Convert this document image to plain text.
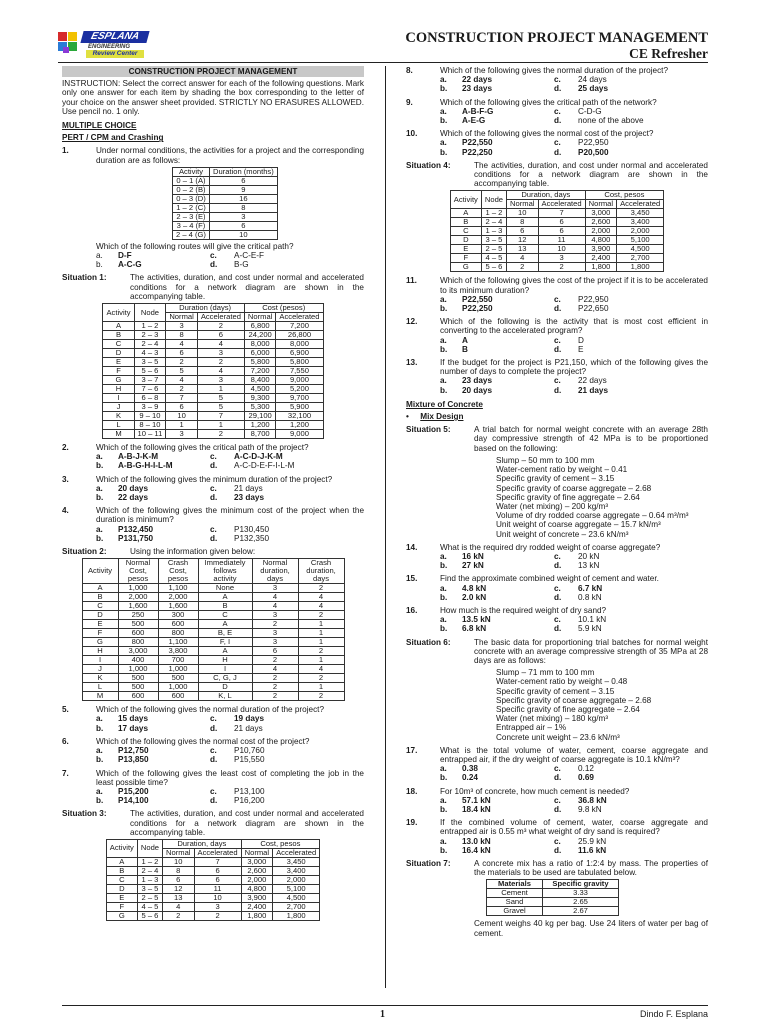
ESPLANA
ENGINEERING
Review Center
CONSTRUCTION PROJECT MANAGEMENT
CE Refresher
CONSTRUCTION PROJECT MANAGEMENT
INSTRUCTION: Select the correct answer for each of the following questions. Mark only one answer for each item by shading the box corresponding to the letter of your choice on the answer sheet provided. STRICTLY NO ERASURES ALLOWED. Use pencil no. 1 only.
MULTIPLE CHOICE
PERT / CPM and Crashing
1.	Under normal conditions, the activities for a project and the corresponding duration are as follows:
Activity	Duration (months)
0 – 1 (A)	6
0 – 2 (B)	9
0 – 3 (D)	16
1 – 2 (C)	8
2 – 3 (E)	3
3 – 4 (F)	6
2 – 4 (G)	10
Which of the following routes will give the critical path?
a.	D-F	c.	A-C-E-F
b.	A-C-G	d.	B-G
Situation 1:	The activities, duration, and cost under normal and accelerated conditions for a network diagram are shown in the accompanying table.
Activity	Node	Duration (days)		Cost (pesos)	
		Normal	Accelerated	Normal	Accelerated
A	1 – 2	3	2	6,800	7,200
B	2 – 3	8	6	24,200	26,800
C	2 – 4	4	4	8,000	8,000
D	4 – 3	6	3	6,000	6,900
E	3 – 5	2	2	5,800	5,800
F	5 – 6	5	4	7,200	7,550
G	3 – 7	4	3	8,400	9,000
H	7 – 6	2	1	4,500	5,200
I	6 – 8	7	5	9,300	9,700
J	3 – 9	6	5	5,300	5,900
K	9 – 10	10	7	29,100	32,100
L	8 – 10	1	1	1,200	1,200
M	10 – 11	3	2	8,700	9,000
2.	Which of the following gives the critical path of the project?
a.	A-B-J-K-M	c.	A-C-D-J-K-M
b.	A-B-G-H-I-L-M	d.	A-C-D-E-F-I-L-M
3.	Which of the following gives the minimum duration of the project?
a.	20 days	c.	21 days
b.	22 days	d.	23 days
4.	Which of the following gives the minimum cost of the project when the duration is minimum?
a.	P132,450	c.	P130,450
b.	P131,750	d.	P132,350
Situation 2:	Using the information given below:
Activity	Normal Cost, pesos	Crash Cost, pesos	Immediately follows activity	Normal duration, days	Crash duration, days
A	1,000	1,100	None	3	2
B	2,000	2,000	A	4	4
C	1,600	1,600	B	4	4
D	250	300	C	3	2
E	500	600	A	2	1
F	600	800	B, E	3	1
G	800	1,100	F, I	3	1
H	3,000	3,800	A	6	2
I	400	700	H	2	1
J	1,000	1,000	I	4	4
K	500	500	C, G, J	2	2
L	500	1,000	D	2	1
M	600	600	K, L	2	2
5.	Which of the following gives the normal duration of the project?
a.	15 days	c.	19 days
b.	17 days	d.	21 days
6.	Which of the following gives the normal cost of the project?
a.	P12,750	c.	P10,760
b.	P13,850	d.	P15,550
7.	Which of the following gives the least cost of completing the job in the least possible time?
a.	P15,200	c.	P13,100
b.	P14,100	d.	P16,200
Situation 3:	The activities, duration, and cost under normal and accelerated conditions for a network diagram are shown in the accompanying table.
Activity	Node	Duration, days		Cost, pesos	
		Normal	Accelerated	Normal	Accelerated
A	1 – 2	10	7	3,000	3,450
B	2 – 4	8	6	2,600	3,400
C	1 – 3	6	6	2,000	2,000
D	3 – 5	12	11	4,800	5,100
E	2 – 5	13	10	3,900	4,500
F	4 – 5	4	3	2,400	2,700
G	5 – 6	2	2	1,800	1,800
8.	Which of the following gives the normal duration of the project?
a.	22 days	c.	24 days
b.	23 days	d.	25 days
9.	Which of the following gives the critical path of the network?
a.	A-B-F-G	c.	C-D-G
b.	A-E-G	d.	none of the above
10.	Which of the following gives the normal cost of the project?
a.	P22,550	c.	P22,950
b.	P22,250	d.	P20,500
Situation 4:	The activities, duration, and cost under normal and accelerated conditions for a network diagram are shown in the accompanying table.
Activity	Node	Duration, days		Cost, pesos	
		Normal	Accelerated	Normal	Accelerated
A	1 – 2	10	7	3,000	3,450
B	2 – 4	8	6	2,600	3,400
C	1 – 3	6	6	2,000	2,000
D	3 – 5	12	11	4,800	5,100
E	2 – 5	13	10	3,900	4,500
F	4 – 5	4	3	2,400	2,700
G	5 – 6	2	2	1,800	1,800
11.	Which of the following gives the cost of the project if it is to be accelerated to its minimum duration?
a.	P22,550	c.	P22,950
b.	P22,250	d.	P22,650
12.	Which of the following is the activity that is most cost efficient in converting to the accelerated program?
a.	A	c.	D
b.	B	d.	E
13.	If the budget for the project is P21,150, which of the following gives the number of days to complete the project?
a.	23 days	c.	22 days
b.	20 days	d.	21 days
Mixture of Concrete
• Mix Design
Situation 5:	A trial batch for normal weight concrete with an average 28th day compressive strength of 42 MPa is to be proportioned based on the following:
Slump – 50 mm to 100 mm
Water-cement ratio by weight – 0.41
Specific gravity of cement – 3.15
Specific gravity of coarse aggregate – 2.68
Specific gravity of fine aggregate – 2.64
Water (net mixing) – 200 kg/m³
Volume of dry rodded coarse aggregate – 0.64 m³/m³
Unit weight of coarse aggregate – 15.7 kN/m³
Unit weight of concrete – 23.6 kN/m³
14.	What is the required dry rodded weight of coarse aggregate?
a.	16 kN	c.	20 kN
b.	27 kN	d.	13 kN
15.	Find the approximate combined weight of cement and water.
a.	4.8 kN	c.	6.7 kN
b.	2.0 kN	d.	0.8 kN
16.	How much is the required weight of dry sand?
a.	13.5 kN	c.	10.1 kN
b.	6.8 kN	d.	5.9 kN
Situation 6:	The basic data for proportioning trial batches for normal weight concrete with an average compressive strength of 35 MPa at 28 days are as follows:
Slump – 71 mm to 100 mm
Water-cement ratio by weight – 0.48
Specific gravity of cement – 3.15
Specific gravity of coarse aggregate – 2.68
Specific gravity of fine aggregate – 2.64
Water (net mixing) – 180 kg/m³
Entrapped air – 1%
Concrete unit weight – 23.6 kN/m³
17.	What is the total volume of water, cement, coarse aggregate and entrapped air, if the dry weight of coarse aggregate is 10.1 kN/m³?
a.	0.38	c.	0.12
b.	0.24	d.	0.69
18.	For 10m³ of concrete, how much cement is needed?
a.	57.1 kN	c.	36.8 kN
b.	18.4 kN	d.	9.8 kN
19.	If the combined volume of cement, water, coarse aggregate and entrapped air is 0.55 m³ what weight of dry sand is required?
a.	13.0 kN	c.	25.9 kN
b.	16.4 kN	d.	11.6 kN
Situation 7:	A concrete mix has a ratio of 1:2:4 by mass. The properties of the materials to be used are tabulated below.
Materials	Specific gravity
Cement	3.33
Sand	2.65
Gravel	2.67
Cement weighs 40 kg per bag. Use 24 liters of water per bag of cement.
1	Dindo F. Esplana
